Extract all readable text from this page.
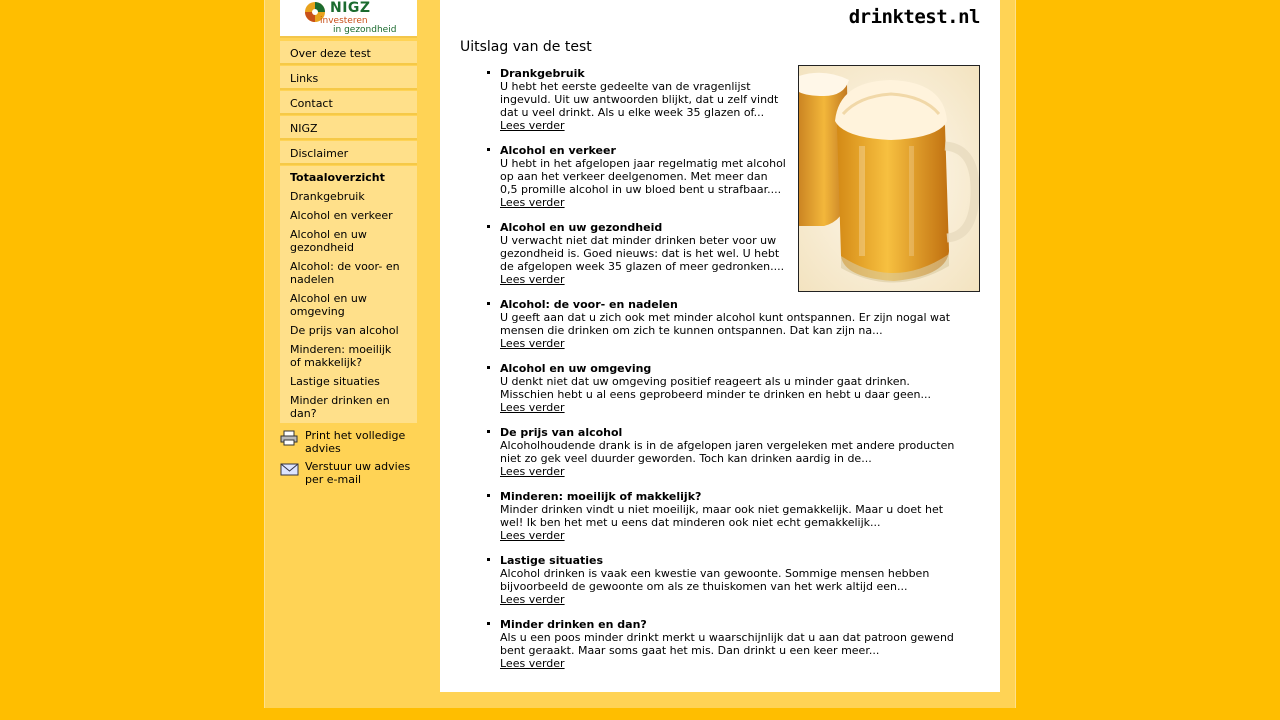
NIGZ
investeren
in gezondheid
Over deze test
Links
Contact
NIGZ
Disclaimer
Totaaloverzicht
Drankgebruik
Alcohol en verkeer
Alcohol en uw gezondheid
Alcohol: de voor- en nadelen
Alcohol en uw omgeving
De prijs van alcohol
Minderen: moeilijk of makkelijk?
Lastige situaties
Minder drinken en dan?
Print het volledige advies
Verstuur uw advies per e-mail
drinktest.nl
Uitslag van de test
Drankgebruik
U hebt het eerste gedeelte van de vragenlijst
ingevuld. Uit uw antwoorden blijkt, dat u zelf vindt
dat u veel drinkt. Als u elke week 35 glazen of...
Lees verder
Alcohol en verkeer
U hebt in het afgelopen jaar regelmatig met alcohol
op aan het verkeer deelgenomen. Met meer dan
0,5 promille alcohol in uw bloed bent u strafbaar....
Lees verder
Alcohol en uw gezondheid
U verwacht niet dat minder drinken beter voor uw
gezondheid is. Goed nieuws: dat is het wel. U hebt
de afgelopen week 35 glazen of meer gedronken....
Lees verder
Alcohol: de voor- en nadelen
U geeft aan dat u zich ook met minder alcohol kunt ontspannen. Er zijn nogal wat
mensen die drinken om zich te kunnen ontspannen. Dat kan zijn na...
Lees verder
Alcohol en uw omgeving
U denkt niet dat uw omgeving positief reageert als u minder gaat drinken.
Misschien hebt u al eens geprobeerd minder te drinken en hebt u daar geen...
Lees verder
De prijs van alcohol
Alcoholhoudende drank is in de afgelopen jaren vergeleken met andere producten
niet zo gek veel duurder geworden. Toch kan drinken aardig in de...
Lees verder
Minderen: moeilijk of makkelijk?
Minder drinken vindt u niet moeilijk, maar ook niet gemakkelijk. Maar u doet het
wel! Ik ben het met u eens dat minderen ook niet echt gemakkelijk...
Lees verder
Lastige situaties
Alcohol drinken is vaak een kwestie van gewoonte. Sommige mensen hebben
bijvoorbeeld de gewoonte om als ze thuiskomen van het werk altijd een...
Lees verder
Minder drinken en dan?
Als u een poos minder drinkt merkt u waarschijnlijk dat u aan dat patroon gewend
bent geraakt. Maar soms gaat het mis. Dan drinkt u een keer meer...
Lees verder
